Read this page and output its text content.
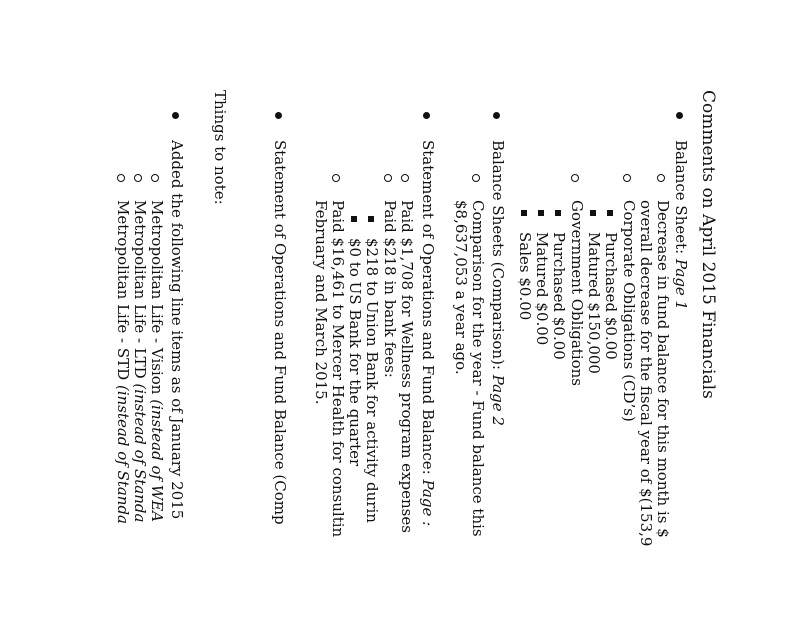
Comments on April 2015 Financials
Balance Sheet: Page 1
Decrease in fund balance for this month is $
overall decrease for the fiscal year of $(153,9
Corporate Obligations (CD’s)
Purchased $0.00
Matured $150,000
Government Obligations
Purchased $0.00
Matured $0.00
Sales $0.00
Balance Sheets (Comparison): Page 2
Comparison for the year - Fund balance this
$8,637,053 a year ago.
Statement of Operations and Fund Balance: Page :
Paid $1,708 for Wellness program expenses
Paid $218 in bank fees:
$218 to Union Bank for activity durin
$0 to US Bank for the quarter
Paid $16,461 to Mercer Health for consultin
February and March 2015.
Statement of Operations and Fund Balance (Comp
Things to note:
Added the following line items as of January 2015
Metropolitan Life - Vision (instead of WEA
Metropolitan Life - LTD (instead of Standa
Metropolitan Life - STD (instead of Standa
